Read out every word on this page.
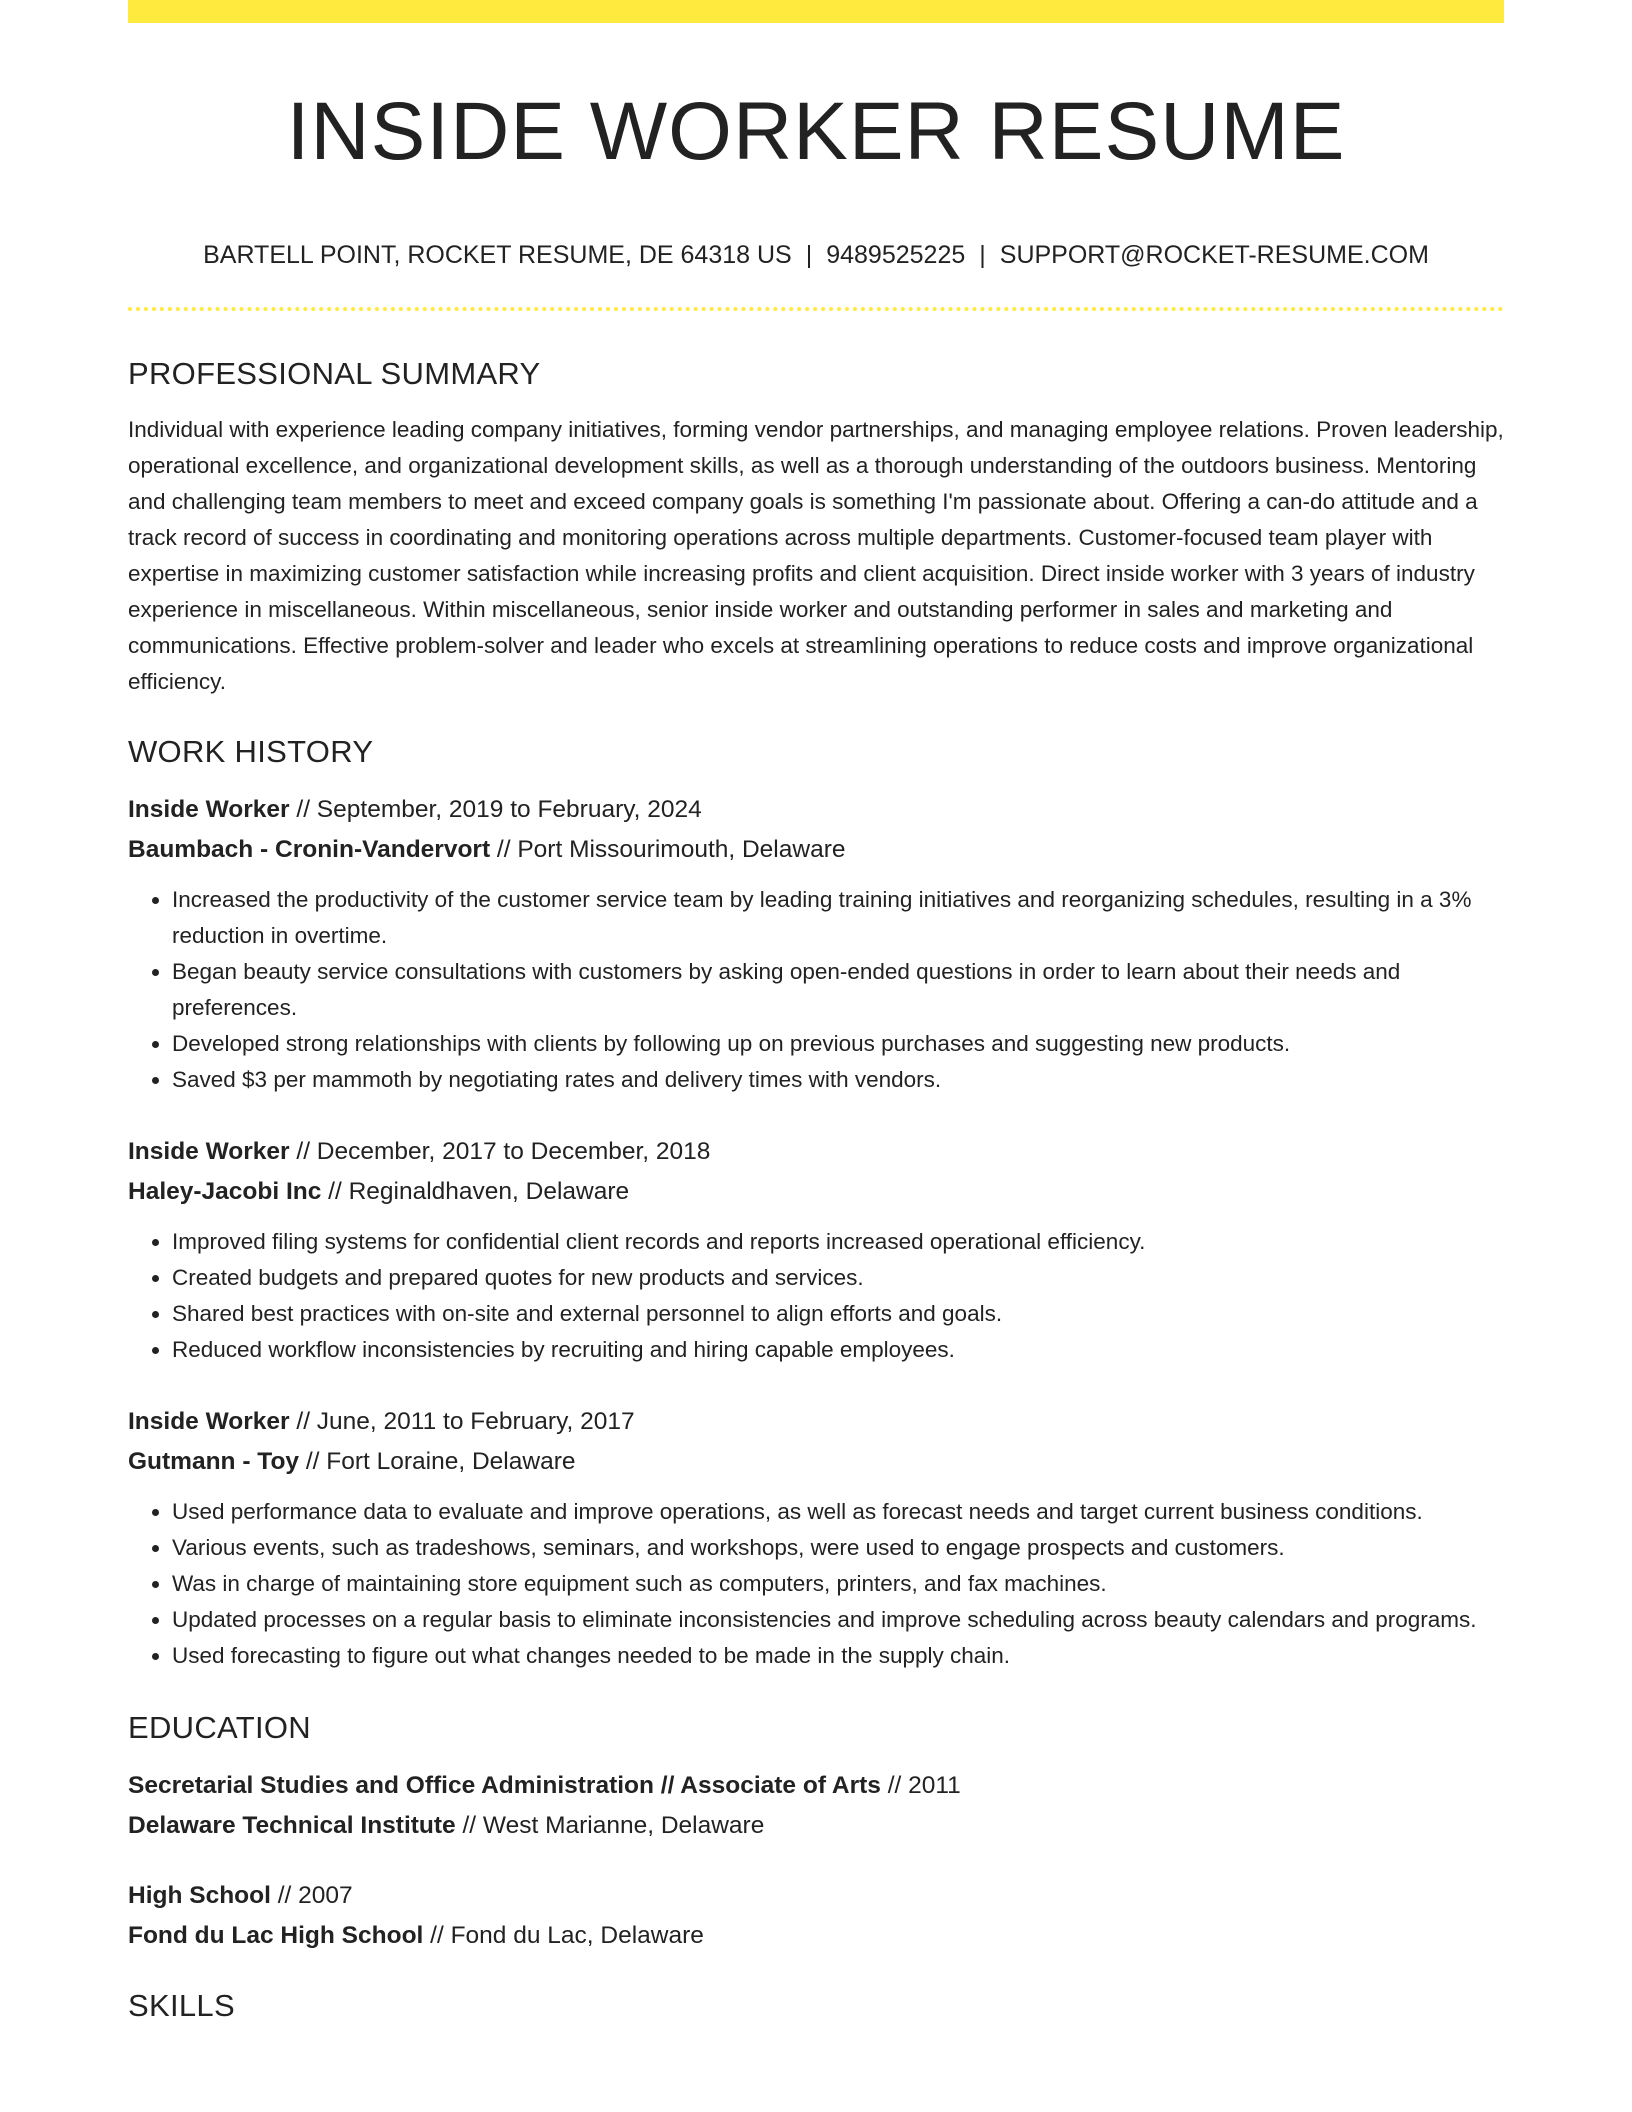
INSIDE WORKER RESUME
BARTELL POINT, ROCKET RESUME, DE 64318 US | 9489525225 | SUPPORT@ROCKET-RESUME.COM
PROFESSIONAL SUMMARY

Individual with experience leading company initiatives, forming vendor partnerships, and managing employee relations. Proven leadership, operational excellence, and organizational development skills, as well as a thorough understanding of the outdoors business. Mentoring and challenging team members to meet and exceed company goals is something I'm passionate about. Offering a can-do attitude and a track record of success in coordinating and monitoring operations across multiple departments. Customer-focused team player with expertise in maximizing customer satisfaction while increasing profits and client acquisition. Direct inside worker with 3 years of industry experience in miscellaneous. Within miscellaneous, senior inside worker and outstanding performer in sales and marketing and communications. Effective problem-solver and leader who excels at streamlining operations to reduce costs and improve organizational efficiency.

WORK HISTORY

Inside Worker // September, 2019 to February, 2024

Baumbach - Cronin-Vandervort // Port Missourimouth, Delaware

• Increased the productivity of the customer service team by leading training initiatives and reorganizing schedules, resulting in a 3% reduction in overtime.
• Began beauty service consultations with customers by asking open-ended questions in order to learn about their needs and preferences.
• Developed strong relationships with clients by following up on previous purchases and suggesting new products.
• Saved $3 per mammoth by negotiating rates and delivery times with vendors.

Inside Worker // December, 2017 to December, 2018

Haley-Jacobi Inc // Reginaldhaven, Delaware

• Improved filing systems for confidential client records and reports increased operational efficiency.
• Created budgets and prepared quotes for new products and services.
• Shared best practices with on-site and external personnel to align efforts and goals.
• Reduced workflow inconsistencies by recruiting and hiring capable employees.

Inside Worker // June, 2011 to February, 2017

Gutmann - Toy // Fort Loraine, Delaware

• Used performance data to evaluate and improve operations, as well as forecast needs and target current business conditions.
• Various events, such as tradeshows, seminars, and workshops, were used to engage prospects and customers.
• Was in charge of maintaining store equipment such as computers, printers, and fax machines.
• Updated processes on a regular basis to eliminate inconsistencies and improve scheduling across beauty calendars and programs.
• Used forecasting to figure out what changes needed to be made in the supply chain.
EDUCATION

Secretarial Studies and Office Administration // Associate of Arts // 2011

Delaware Technical Institute // West Marianne, Delaware

High School // 2007

Fond du Lac High School // Fond du Lac, Delaware

SKILLS
